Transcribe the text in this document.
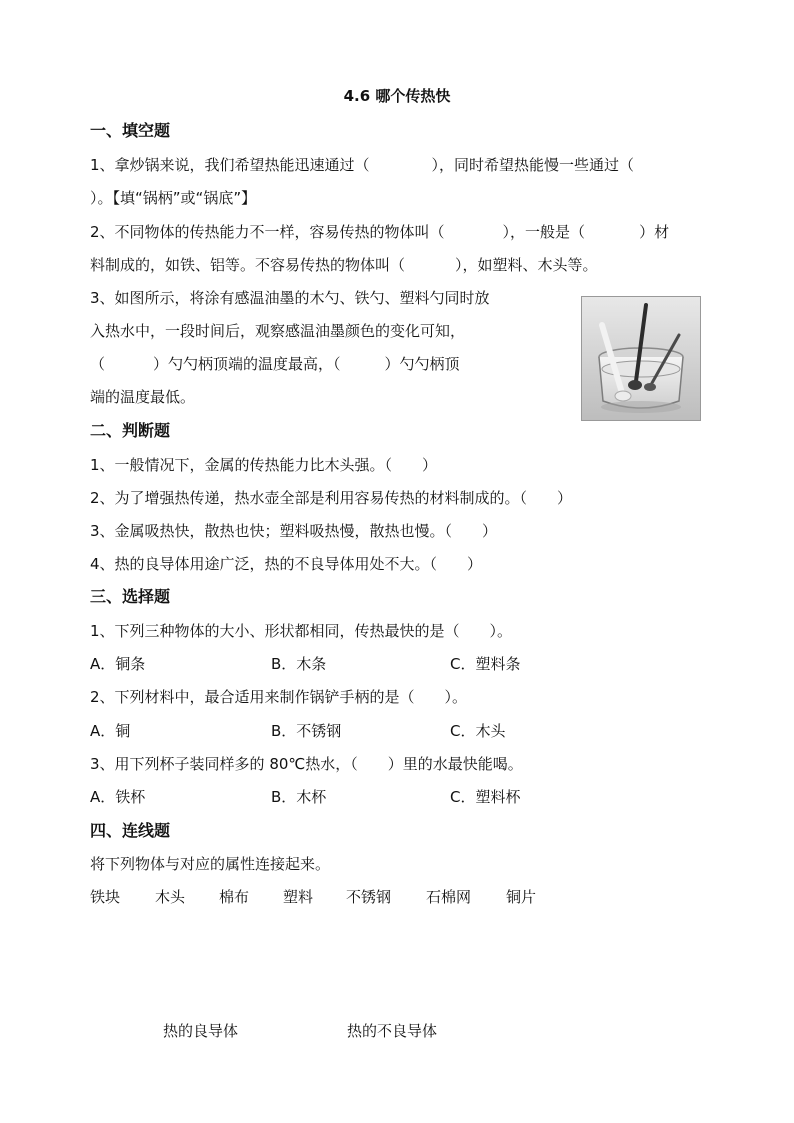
4.6 哪个传热快
一、填空题
1、拿炒锅来说，我们希望热能迅速通过（	），同时希望热能慢一些通过（
）。【填“锅柄”或“锅底”】
2、不同物体的传热能力不一样，容易传热的物体叫（	），一般是（	）材
料制成的，如铁、铝等。不容易传热的物体叫（	），如塑料、木头等。
3、如图所示，将涂有感温油墨的木勺、铁勺、塑料勺同时放
入热水中，一段时间后，观察感温油墨颜色的变化可知，
（	）勺勺柄顶端的温度最高，（	）勺勺柄顶
端的温度最低。
二、判断题
1、一般情况下，金属的传热能力比木头强。（　　）
2、为了增强热传递，热水壶全部是利用容易传热的材料制成的。（　　）
3、金属吸热快，散热也快；塑料吸热慢，散热也慢。（　　）
4、热的良导体用途广泛，热的不良导体用处不大。（　　）
三、选择题
1、下列三种物体的大小、形状都相同，传热最快的是（　　）。
A．铜条	B．木条	C．塑料条
2、下列材料中，最合适用来制作锅铲手柄的是（　　）。
A．铜	B．不锈钢	C．木头
3、用下列杯子装同样多的 80℃热水，（　　）里的水最快能喝。
A．铁杯	B．木杯	C．塑料杯
四、连线题
将下列物体与对应的属性连接起来。
铁块 木头 棉布 塑料 不锈钢 石棉网 铜片
热的良导体	热的不良导体
